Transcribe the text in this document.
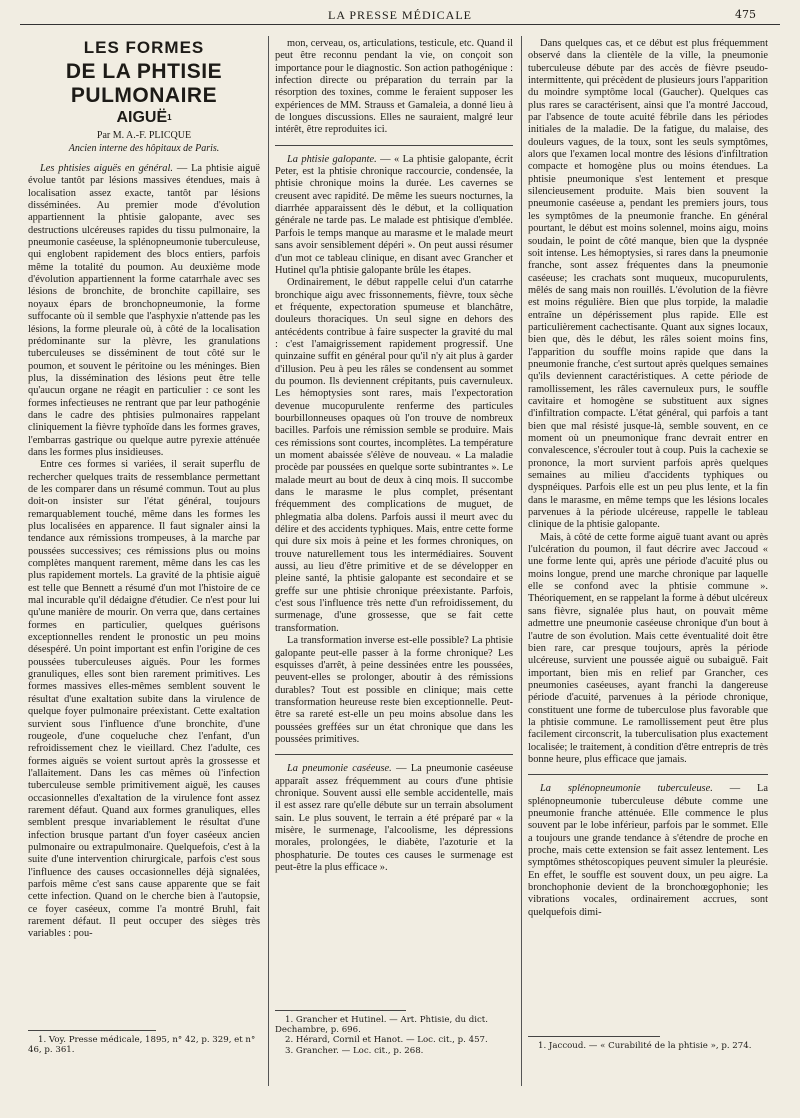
LA PRESSE MÉDICALE	475
LES FORMES
DE LA PHTISIE PULMONAIRE
AIGUË$^1$
Par M. A.-F. PLICQUE
Ancien interne des hôpitaux de Paris.

Les phtisies aiguës en général. — La phtisie aiguë évolue tantôt par lésions massives étendues, mais à localisation assez exacte, tantôt par lésions disséminées. Au premier mode d'évolution appartiennent la phtisie galopante, avec ses destructions ulcéreuses rapides du tissu pulmonaire, la pneumonie caséeuse, la splénopneumonie tuberculeuse, qui englobent rapidement des blocs entiers, parfois même la totalité du poumon. Au deuxième mode d'évolution appartiennent la forme catarrhale avec ses lésions de bronchite, de bronchite capillaire, ses noyaux épars de bronchopneumonie, la forme suffocante où il semble que l'asphyxie n'attende pas les lésions, la forme pleurale où, à côté de la localisation prédominante sur la plèvre, les granulations tuberculeuses se disséminent de tout côté sur le poumon, et souvent le péritoine ou les méninges. Bien plus, la dissémination des lésions peut être telle qu'aucun organe ne réagit en particulier : ce sont les formes infectieuses ne rentrant que par leur pathogénie dans le cadre des phtisies pulmonaires rappelant cliniquement la fièvre typhoïde dans les formes graves, l'embarras gastrique ou quelque autre pyrexie atténuée dans les formes plus insidieuses.

Entre ces formes si variées, il serait superflu de rechercher quelques traits de ressemblance permettant de les comparer dans un résumé commun. Tout au plus doit-on insister sur l'état général, toujours remarquablement touché, même dans les formes les plus localisées en apparence. Il faut signaler ainsi la tendance aux rémissions trompeuses, à la marche par poussées successives; ces rémissions plus ou moins complètes manquent rarement, même dans les cas les plus rapidement mortels. La gravité de la phtisie aiguë est telle que Bennett a résumé d'un mot l'histoire de ce mal incurable qu'il dédaigne d'étudier. Ce n'est pour lui qu'une manière de mourir. On verra que, dans certaines formes en particulier, quelques guérisons exceptionnelles rendent le pronostic un peu moins désespéré. Un point important est enfin l'origine de ces poussées tuberculeuses aiguës. Pour les formes granuliques, elles sont bien rarement primitives. Les formes massives elles-mêmes semblent souvent le résultat d'une exaltation subite dans la virulence de quelque foyer pulmonaire préexistant. Cette exaltation survient sous l'influence d'une bronchite, d'une rougeole, d'une coqueluche chez l'enfant, d'un refroidissement chez le vieillard. Chez l'adulte, ces formes aiguës se voient surtout après la grossesse et l'allaitement. Dans les cas mêmes où l'infection tuberculeuse semble primitivement aiguë, les causes occasionnelles d'exaltation de la virulence font assez rarement défaut. Quand aux formes granuliques, elles semblent presque invariablement le résultat d'une infection brusque partant d'un foyer caséeux ancien pulmonaire ou extrapulmonaire. Quelquefois, c'est à la suite d'une intervention chirurgicale, parfois c'est sous l'influence des causes occasionnelles déjà signalées, parfois même c'est sans cause apparente que se fait cette infection. Quand on le cherche bien à l'autopsie, ce foyer caséeux, comme l'a montré Bruhl, fait rarement défaut. Il peut occuper des sièges très variables : pou-

1. Voy. Presse médicale, 1895, n° 42, p. 329, et n° 46, p. 361.

mon, cerveau, os, articulations, testicule, etc. Quand il peut être reconnu pendant la vie, on conçoit son importance pour le diagnostic. Son action pathogénique : infection directe ou préparation du terrain par la résorption des toxines, comme le feraient supposer les expériences de MM. Strauss et Gamaleia, a donné lieu à de longues discussions. Elles ne sauraient, malgré leur intérêt, être reproduites ici.

La phtisie galopante. — « La phtisie galopante, écrit Peter, est la phtisie chronique raccourcie, condensée, la phtisie chronique moins la durée. Les cavernes se creusent avec rapidité. De même les sueurs nocturnes, la diarrhée apparaissent dès le début, et la colliquation générale ne tarde pas. Le malade est phtisique d'emblée. Parfois le temps manque au marasme et le malade meurt sans avoir sensiblement dépéri ». On peut aussi résumer d'un mot ce tableau clinique, en disant avec Grancher et Hutinel qu'la phtisie galopante brûle les étapes.

Ordinairement, le début rappelle celui d'un catarrhe bronchique aigu avec frissonnements, fièvre, toux sèche et fréquente, expectoration spumeuse et blanchâtre, douleurs thoraciques. Un seul signe en dehors des antécédents contribue à faire suspecter la gravité du mal : c'est l'amaigrissement rapidement progressif. Une quinzaine suffit en général pour qu'il n'y ait plus à garder d'illusion. Peu à peu les râles se condensent au sommet du poumon. Ils deviennent crépitants, puis cavernuleux. Les hémoptysies sont rares, mais l'expectoration devenue mucopurulente renferme des particules bourbillonneuses opaques où l'on trouve de nombreux bacilles. Parfois une rémission semble se produire. Mais ces rémissions sont courtes, incomplètes. La température un moment abaissée s'élève de nouveau. « La maladie procède par poussées en quelque sorte subintrantes ». Le malade meurt au bout de deux à cinq mois. Il succombe dans le marasme le plus complet, présentant fréquemment des complications de muguet, de phlegmatia alba dolens. Parfois aussi il meurt avec du délire et des accidents typhiques. Mais, entre cette forme qui dure six mois à peine et les formes chroniques, on trouve naturellement tous les intermédiaires. Souvent aussi, au lieu d'être primitive et de se développer en pleine santé, la phtisie galopante est secondaire et se greffe sur une phtisie chronique préexistante. Parfois, c'est sous l'influence très nette d'un refroidissement, du surmenage, d'une grossesse, que se fait cette transformation.

La transformation inverse est-elle possible? La phtisie galopante peut-elle passer à la forme chronique? Les esquisses d'arrêt, à peine dessinées entre les poussées, peuvent-elles se prolonger, aboutir à des rémissions durables? Tout est possible en clinique; mais cette transformation heureuse reste bien exceptionnelle. Peut-être sa rareté est-elle un peu moins absolue dans les poussées greffées sur un état chronique que dans les poussées primitives.

La pneumonie caséeuse. — La pneumonie caséeuse apparaît assez fréquemment au cours d'une phtisie chronique. Souvent aussi elle semble accidentelle, mais il est assez rare qu'elle débute sur un terrain absolument sain. Le plus souvent, le terrain a été préparé par « la misère, le surmenage, l'alcoolisme, les dépressions morales, prolongées, le diabète, l'azoturie et la phosphaturie. De toutes ces causes le surmenage est peut-être la plus efficace ».

1. Grancher et Hutinel. — Art. Phtisie, du dict. Dechambre, p. 696.

2. Hérard, Cornil et Hanot. — Loc. cit., p. 457.

3. Grancher. — Loc. cit., p. 268.

Dans quelques cas, et ce début est plus fréquemment observé dans la clientèle de la ville, la pneumonie tuberculeuse débute par des accès de fièvre pseudo-intermittente, qui précèdent de plusieurs jours l'apparition du moindre symptôme local (Gaucher). Quelques cas plus rares se caractérisent, ainsi que l'a montré Jaccoud, par l'absence de toute acuité fébrile dans les périodes initiales de la maladie. De la fatigue, du malaise, des douleurs vagues, de la toux, sont les seuls symptômes, alors que l'examen local montre des lésions d'infiltration compacte et homogène plus ou moins étendues. La phtisie pneumonique s'est lentement et presque silencieusement produite. Mais bien souvent la pneumonie caséeuse a, pendant les premiers jours, tous les symptômes de la pneumonie franche. En général pourtant, le début est moins solennel, moins aigu, moins soudain, le point de côté manque, bien que la dyspnée soit intense. Les hémoptysies, si rares dans la pneumonie franche, sont assez fréquentes dans la pneumonie caséeuse; les crachats sont muqueux, mucopurulents, mêlés de sang mais non rouillés. L'évolution de la fièvre est moins régulière. Bien que plus torpide, la maladie entraîne un dépérissement plus rapide. Elle est particulièrement cachectisante. Quant aux signes locaux, bien que, dès le début, les râles soient moins fins, l'apparition du souffle moins rapide que dans la pneumonie franche, c'est surtout après quelques semaines qu'ils deviennent caractéristiques. A cette période de ramollissement, les râles cavernuleux purs, le souffle cavitaire et homogène se substituent aux signes d'infiltration compacte. L'état général, qui parfois a tant bien que mal résisté jusque-là, semble souvent, en ce moment où un pneumonique franc devrait entrer en convalescence, s'écrouler tout à coup. Puis la cachexie se prononce, la mort survient parfois après quelques semaines au milieu d'accidents typhiques ou dyspnéiques. Parfois elle est un peu plus lente, et la fin dans le marasme, en même temps que les lésions locales parvenues à la période ulcéreuse, rappelle le tableau clinique de la phtisie galopante.

Mais, à côté de cette forme aiguë tuant avant ou après l'ulcération du poumon, il faut décrire avec Jaccoud « une forme lente qui, après une période d'acuité plus ou moins longue, prend une marche chronique par laquelle elle se confond avec la phtisie commune ». Théoriquement, en se rappelant la forme à début ulcéreux sans fièvre, signalée plus haut, on pouvait même admettre une pneumonie caséeuse chronique d'un bout à l'autre de son évolution. Mais cette éventualité doit être bien rare, car presque toujours, après la période ulcéreuse, survient une poussée aiguë ou subaiguë. Fait important, bien mis en relief par Grancher, ces pneumonies caséeuses, ayant franchi la dangereuse période d'acuité, parvenues à la période chronique, constituent une forme de tuberculose plus favorable que la phtisie commune. Le ramollissement peut être plus facilement circonscrit, la tuberculisation plus exactement localisée; le traitement, à condition d'être entrepris de très bonne heure, plus efficace que jamais.

La splénopneumonie tuberculeuse. — La splénopneumonie tuberculeuse débute comme une pneumonie franche atténuée. Elle commence le plus souvent par le lobe inférieur, parfois par le sommet. Elle a toujours une grande tendance à s'étendre de proche en proche, mais cette extension se fait assez lentement. Les symptômes sthétoscopiques peuvent simuler la pleurésie. En effet, le souffle est souvent doux, un peu aigre. La bronchophonie devient de la bronchoœgophonie; les vibrations vocales, ordinairement accrues, sont quelquefois dimi-

1. Jaccoud. — « Curabilité de la phtisie », p. 274.
